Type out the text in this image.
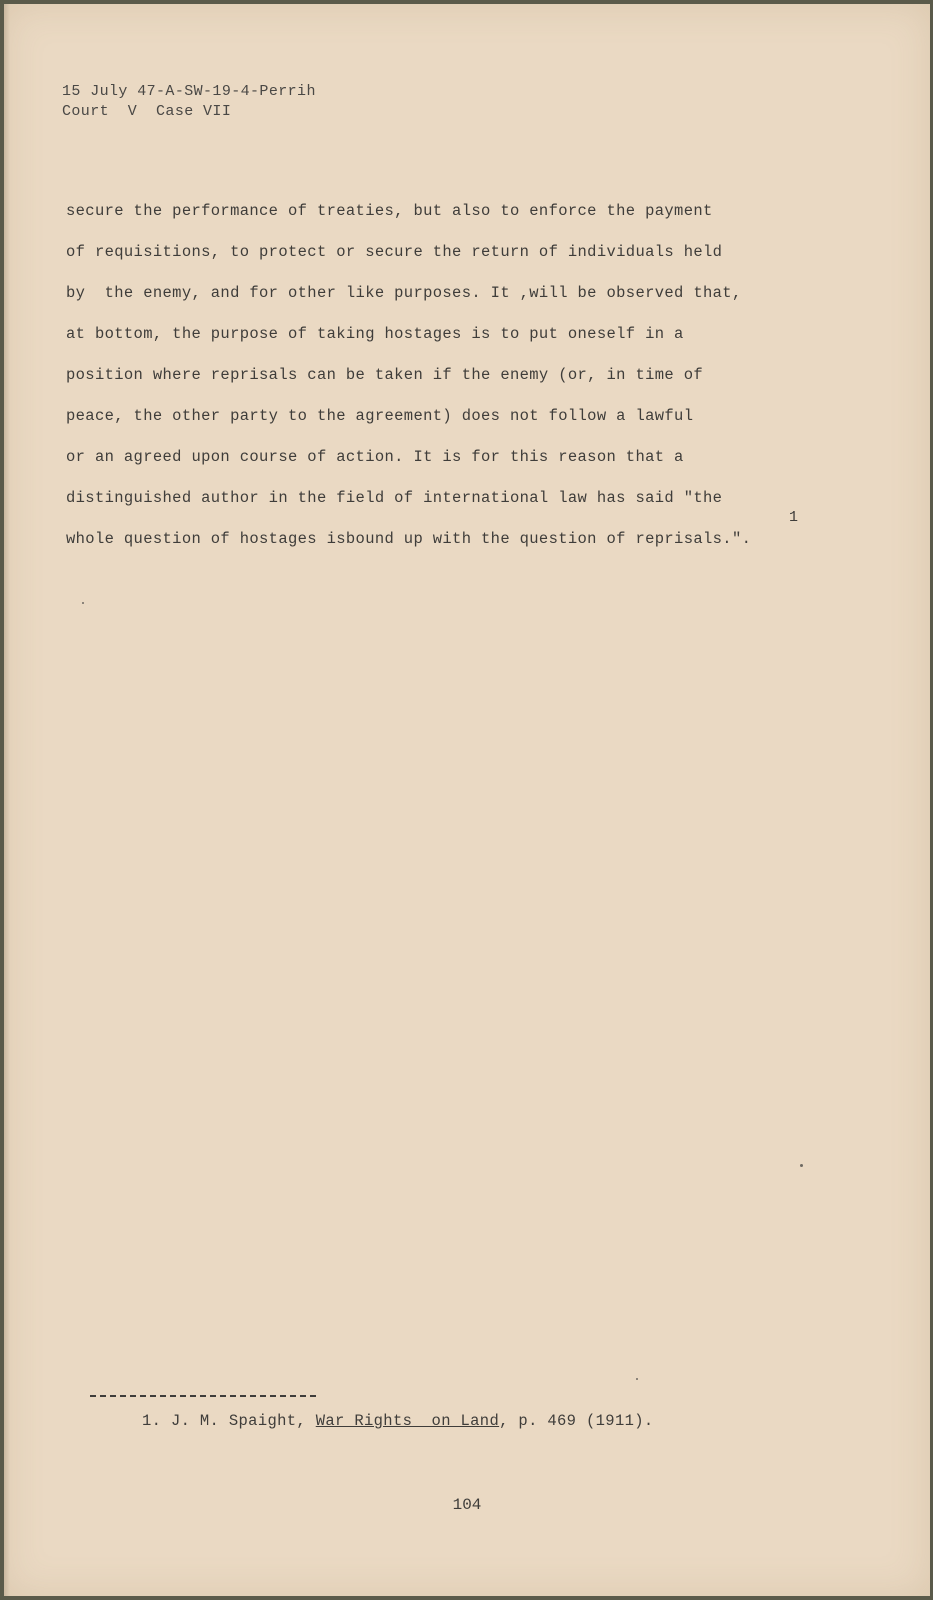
15 July 47-A-SW-19-4-Perrih
Court  V  Case VII
secure the performance of treaties, but also to enforce the payment
of requisitions, to protect or secure the return of individuals held
by  the enemy, and for other like purposes. It ,will be observed that,
at bottom, the purpose of taking hostages is to put oneself in a
position where reprisals can be taken if the enemy (or, in time of
peace, the other party to the agreement) does not follow a lawful
or an agreed upon course of action. It is for this reason that a
distinguished author in the field of international law has said "the
whole question of hostages isbound up with the question of reprisals.".
1
1. J. M. Spaight, War Rights  on Land, p. 469 (1911).
104
